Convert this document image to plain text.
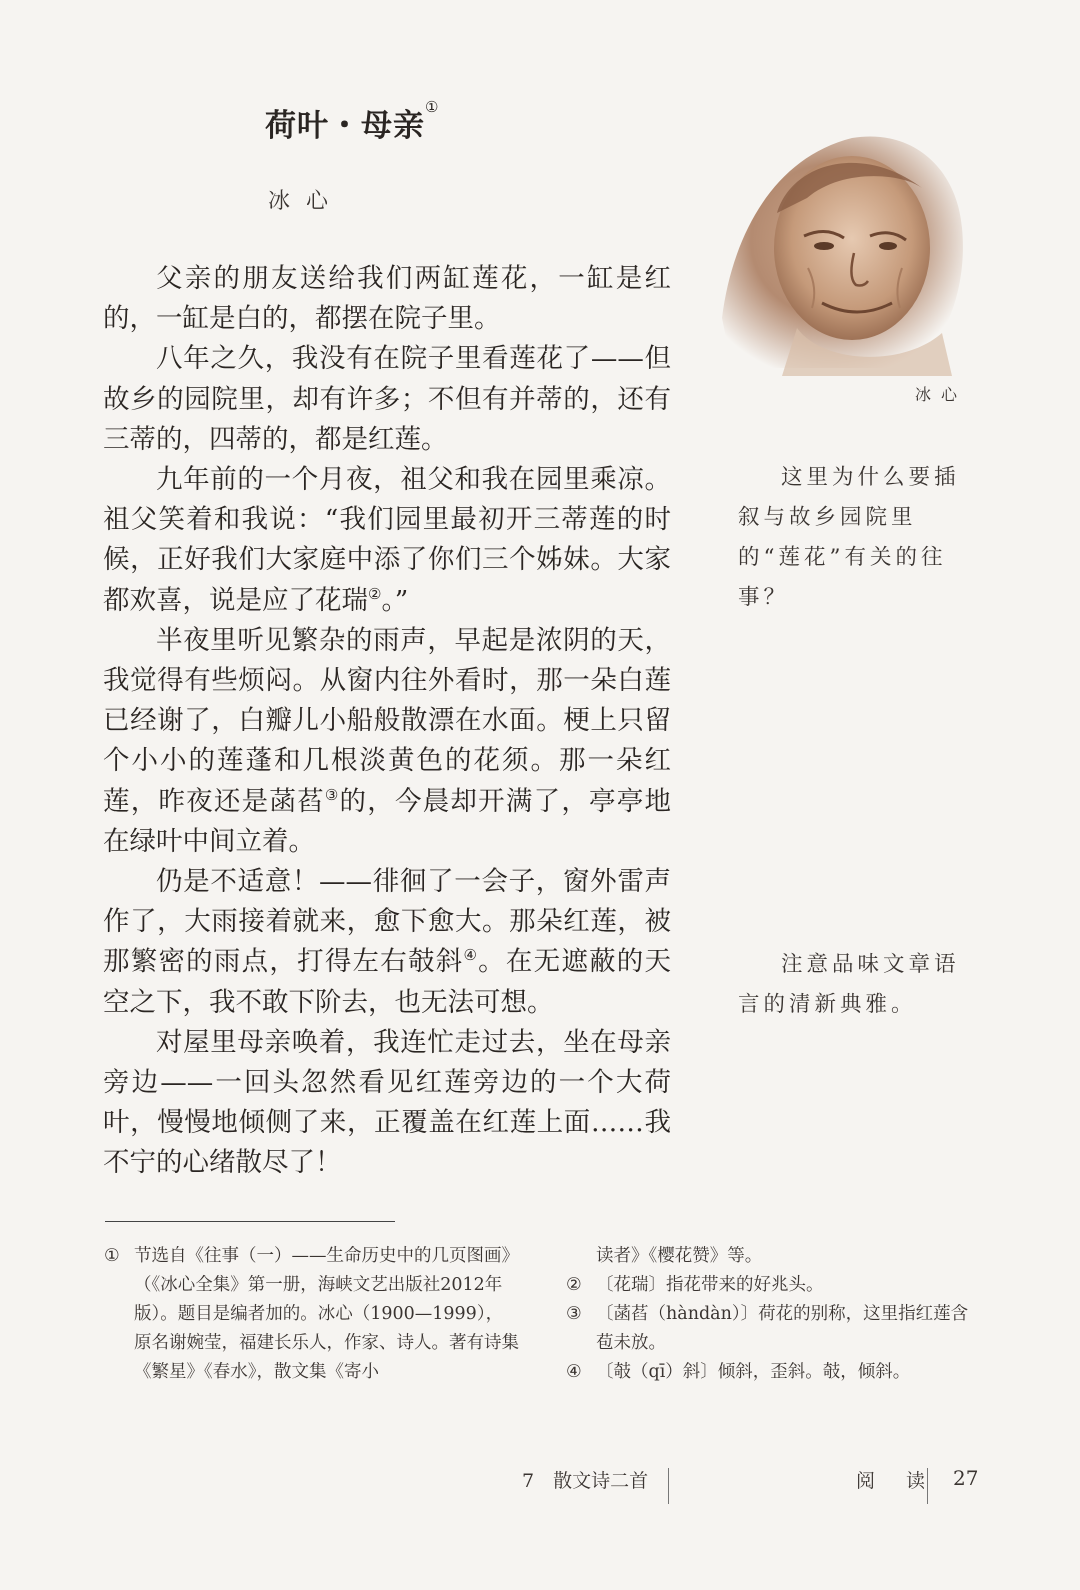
荷叶・母亲①
冰心

父亲的朋友送给我们两缸莲花，一缸是红的，一缸是白的，都摆在院子里。

八年之久，我没有在院子里看莲花了——但故乡的园院里，却有许多；不但有并蒂的，还有三蒂的，四蒂的，都是红莲。

九年前的一个月夜，祖父和我在园里乘凉。祖父笑着和我说：“我们园里最初开三蒂莲的时候，正好我们大家庭中添了你们三个姊妹。大家都欢喜，说是应了花瑞②。”

半夜里听见繁杂的雨声，早起是浓阴的天，我觉得有些烦闷。从窗内往外看时，那一朵白莲已经谢了，白瓣儿小船般散漂在水面。梗上只留个小小的莲蓬和几根淡黄色的花须。那一朵红莲，昨夜还是菡萏③的，今晨却开满了，亭亭地在绿叶中间立着。

仍是不适意！——徘徊了一会子，窗外雷声作了，大雨接着就来，愈下愈大。那朵红莲，被那繁密的雨点，打得左右攲斜④。在无遮蔽的天空之下，我不敢下阶去，也无法可想。

对屋里母亲唤着，我连忙走过去，坐在母亲旁边——一回头忽然看见红莲旁边的一个大荷叶，慢慢地倾侧了来，正覆盖在红莲上面……我不宁的心绪散尽了！

冰心

这里为什么要插叙与故乡园院里的“莲花”有关的往事？

注意品味文章语言的清新典雅。

① 节选自《往事（一）——生命历史中的几页图画》（《冰心全集》第一册，海峡文艺出版社2012年版）。题目是编者加的。冰心（1900—1999），原名谢婉莹，福建长乐人，作家、诗人。著有诗集《繁星》《春水》，散文集《寄小
读者》《樱花赞》等。
② 〔花瑞〕指花带来的好兆头。
③ 〔菡萏（hàndàn）〕荷花的别称，这里指红莲含苞未放。
④ 〔攲（qī）斜〕倾斜，歪斜。攲，倾斜。
7　散文诗二首	阅　读 27
